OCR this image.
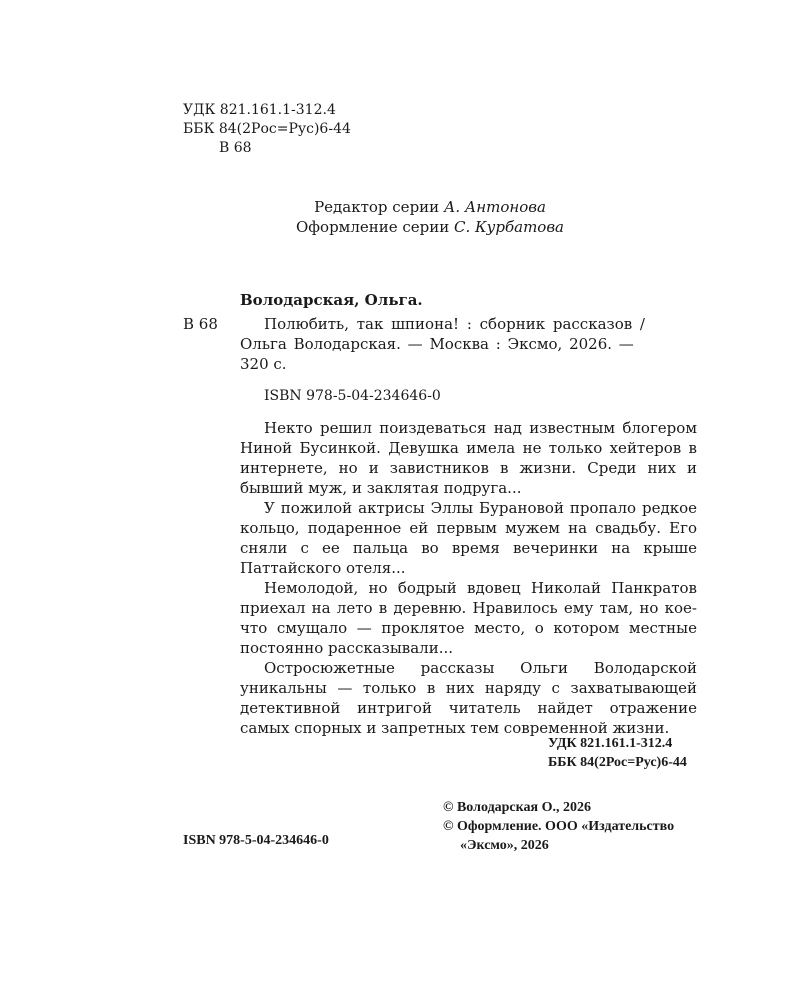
УДК 821.161.1-312.4
ББК 84(2Рос=Рус)6-44
В 68
Редактор серии А. Антонова
Оформление серии С. Курбатова
Володарская, Ольга.
В 68	Полюбить, так шпиона! : сборник рассказов /
Ольга Володарская. — Москва : Эксмо, 2026. —
320 с.
ISBN 978-5-04-234646-0

Некто решил поиздеваться над известным блогером Ниной Бусинкой. Девушка имела не только хейтеров в интернете, но и завистников в жизни. Среди них и бывший муж, и заклятая подруга...

У пожилой актрисы Эллы Бурановой пропало редкое кольцо, подаренное ей первым мужем на свадьбу. Его сняли с ее пальца во время вечеринки на крыше Паттайского отеля...

Немолодой, но бодрый вдовец Николай Панкратов приехал на лето в деревню. Нравилось ему там, но кое-что смущало — проклятое место, о котором местные постоянно рассказывали...

Остросюжетные рассказы Ольги Володарской уникальны — только в них наряду с захватывающей детективной интригой читатель найдет отражение самых спорных и запретных тем современной жизни.

УДК 821.161.1-312.4
ББК 84(2Рос=Рус)6-44
ISBN 978-5-04-234646-0
© Володарская О., 2026
© Оформление. ООО «Издательство
«Эксмо», 2026
